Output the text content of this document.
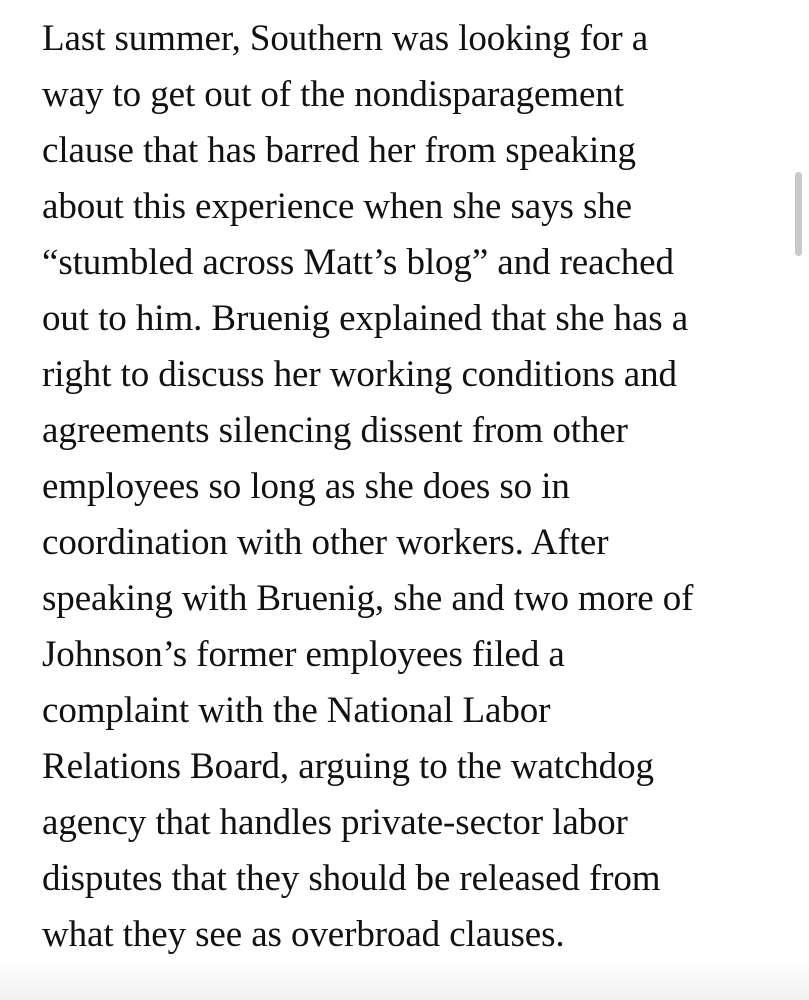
Last summer, Southern was looking for a
way to get out of the nondisparagement
clause that has barred her from speaking
about this experience when she says she
“stumbled across Matt’s blog” and reached
out to him. Bruenig explained that she has a
right to discuss her working conditions and
agreements silencing dissent from other
employees so long as she does so in
coordination with other workers. After
speaking with Bruenig, she and two more of
Johnson’s former employees filed a
complaint with the National Labor
Relations Board, arguing to the watchdog
agency that handles private-sector labor
disputes that they should be released from
what they see as overbroad clauses.
